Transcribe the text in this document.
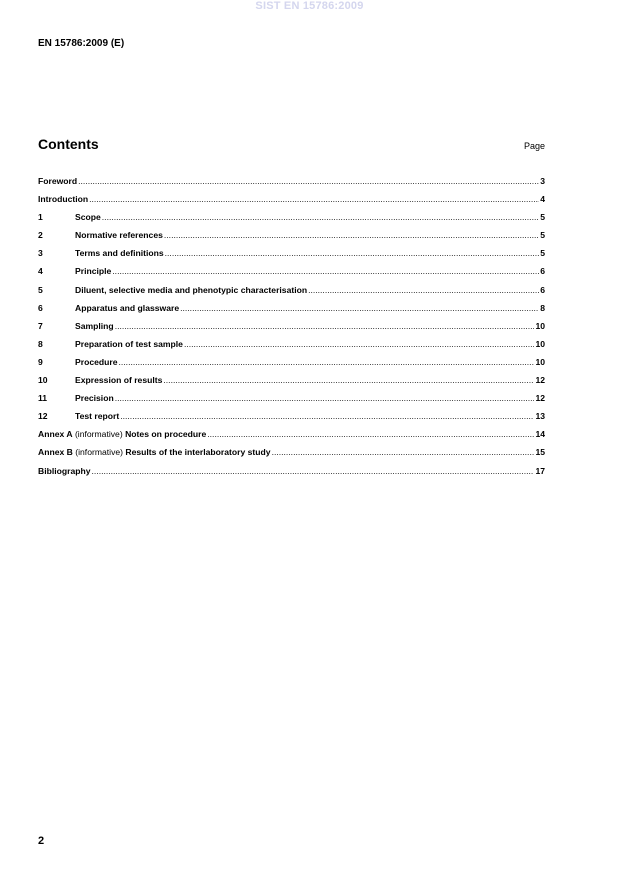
SIST EN 15786:2009
EN 15786:2009 (E)
Contents	Page
Foreword .....	3
Introduction .....	4
1	Scope .....	5
2	Normative references .....	5
3	Terms and definitions .....	5
4	Principle .....	6
5	Diluent, selective media and phenotypic characterisation .....	6
6	Apparatus and glassware .....	8
7	Sampling .....	10
8	Preparation of test sample .....	10
9	Procedure .....	10
10	Expression of results .....	12
11	Precision .....	12
12	Test report .....	13
Annex A (informative) Notes on procedure .....	14
Annex B (informative) Results of the interlaboratory study .....	15
Bibliography .....	17
2
